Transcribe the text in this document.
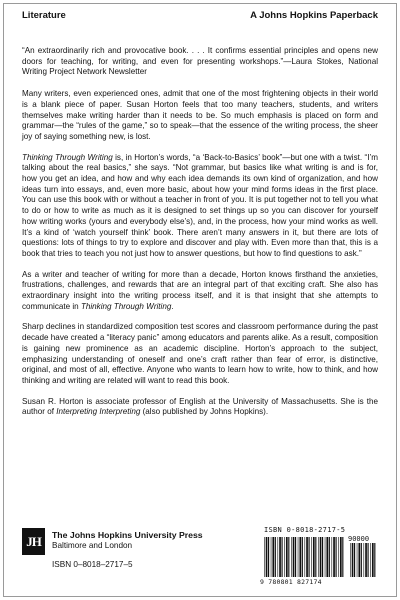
Literature	A Johns Hopkins Paperback

“An extraordinarily rich and provocative book. . . . It confirms essential principles and opens new doors for teaching, for writing, and even for presenting workshops.”—Laura Stokes, National Writing Project Network Newsletter

Many writers, even experienced ones, admit that one of the most frightening objects in their world is a blank piece of paper. Susan Horton feels that too many teachers, students, and writers themselves make writing harder than it needs to be. So much emphasis is placed on form and grammar—the “rules of the game,” so to speak—that the essence of the writing process, the sheer joy of saying something new, is lost.

Thinking Through Writing is, in Horton’s words, “a ‘Back-to-Basics’ book”—but one with a twist. “I’m talking about the real basics,” she says. “Not grammar, but basics like what writing is and is for, how you get an idea, and how and why each idea demands its own kind of organization, and how ideas turn into essays, and, even more basic, about how your mind forms ideas in the first place. You can use this book with or without a teacher in front of you. It is put together not to tell you what to do or how to write as much as it is designed to set things up so you can discover for yourself how writing works (yours and everybody else’s), and, in the process, how your mind works as well. It’s a kind of ‘watch yourself think’ book. There aren’t many answers in it, but there are lots of questions: lots of things to try to explore and discover and play with. Even more than that, this is a book that tries to teach you not just how to answer questions, but how to find questions to ask.”

As a writer and teacher of writing for more than a decade, Horton knows firsthand the anxieties, frustrations, challenges, and rewards that are an integral part of that exciting craft. She also has extraordinary insight into the writing process itself, and it is that insight that she attempts to communicate in Thinking Through Writing.

Sharp declines in standardized composition test scores and classroom performance during the past decade have created a “literacy panic” among educators and parents alike. As a result, composition is gaining new prominence as an academic discipline. Horton’s approach to the subject, emphasizing understanding of oneself and one’s craft rather than fear of error, is distinctive, original, and most of all, effective. Anyone who wants to learn how to write, how to think, and how thinking and writing are related will want to read this book.

Susan R. Horton is associate professor of English at the University of Massachusetts. She is the author of Interpreting Interpreting (also published by Johns Hopkins).

JH	The Johns Hopkins University Press
Baltimore and London
ISBN 0–8018–2717–5
ISBN 0-8018-2717-5
90000
9 780801 827174
